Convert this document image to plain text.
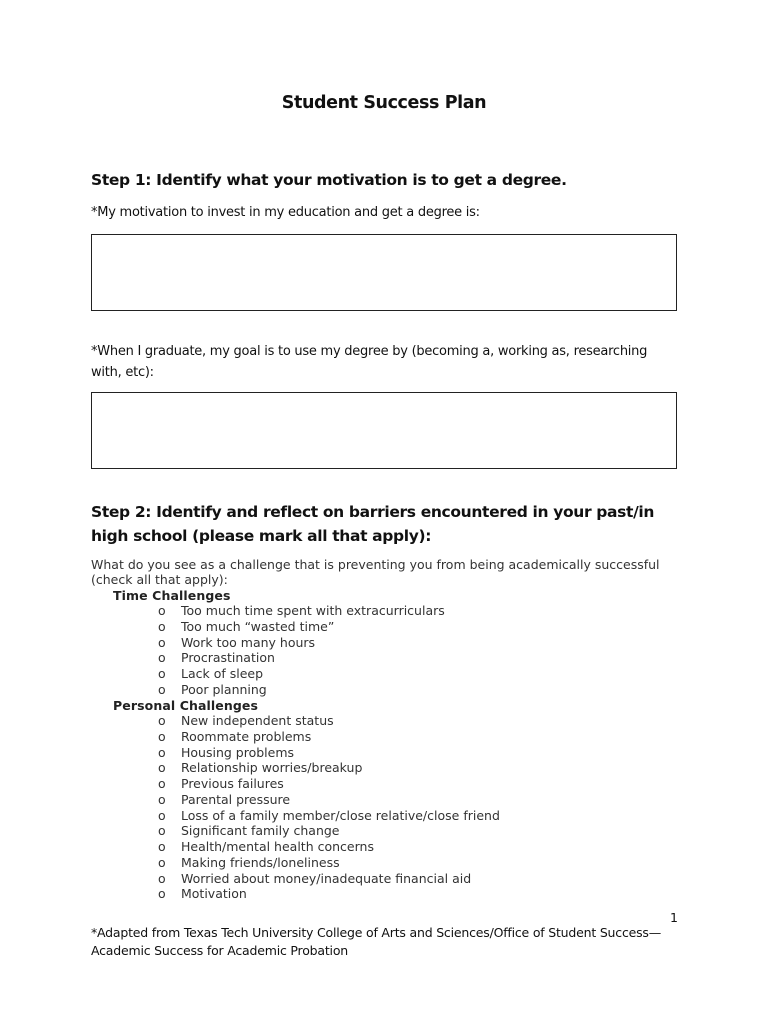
Student Success Plan

Step 1: Identify what your motivation is to get a degree.

*My motivation to invest in my education and get a degree is:

*When I graduate, my goal is to use my degree by (becoming a, working as, researching with, etc):

Step 2: Identify and reflect on barriers encountered in your past/in high school (please mark all that apply):

What do you see as a challenge that is preventing you from being academically successful (check all that apply):

Time Challenges
o Too much time spent with extracurriculars
o Too much “wasted time”
o Work too many hours
o Procrastination
o Lack of sleep
o Poor planning
Personal Challenges
o New independent status
o Roommate problems
o Housing problems
o Relationship worries/breakup
o Previous failures
o Parental pressure
o Loss of a family member/close relative/close friend
o Significant family change
o Health/mental health concerns
o Making friends/loneliness
o Worried about money/inadequate financial aid
o Motivation
1

*Adapted from Texas Tech University College of Arts and Sciences/Office of Student Success—Academic Success for Academic Probation
